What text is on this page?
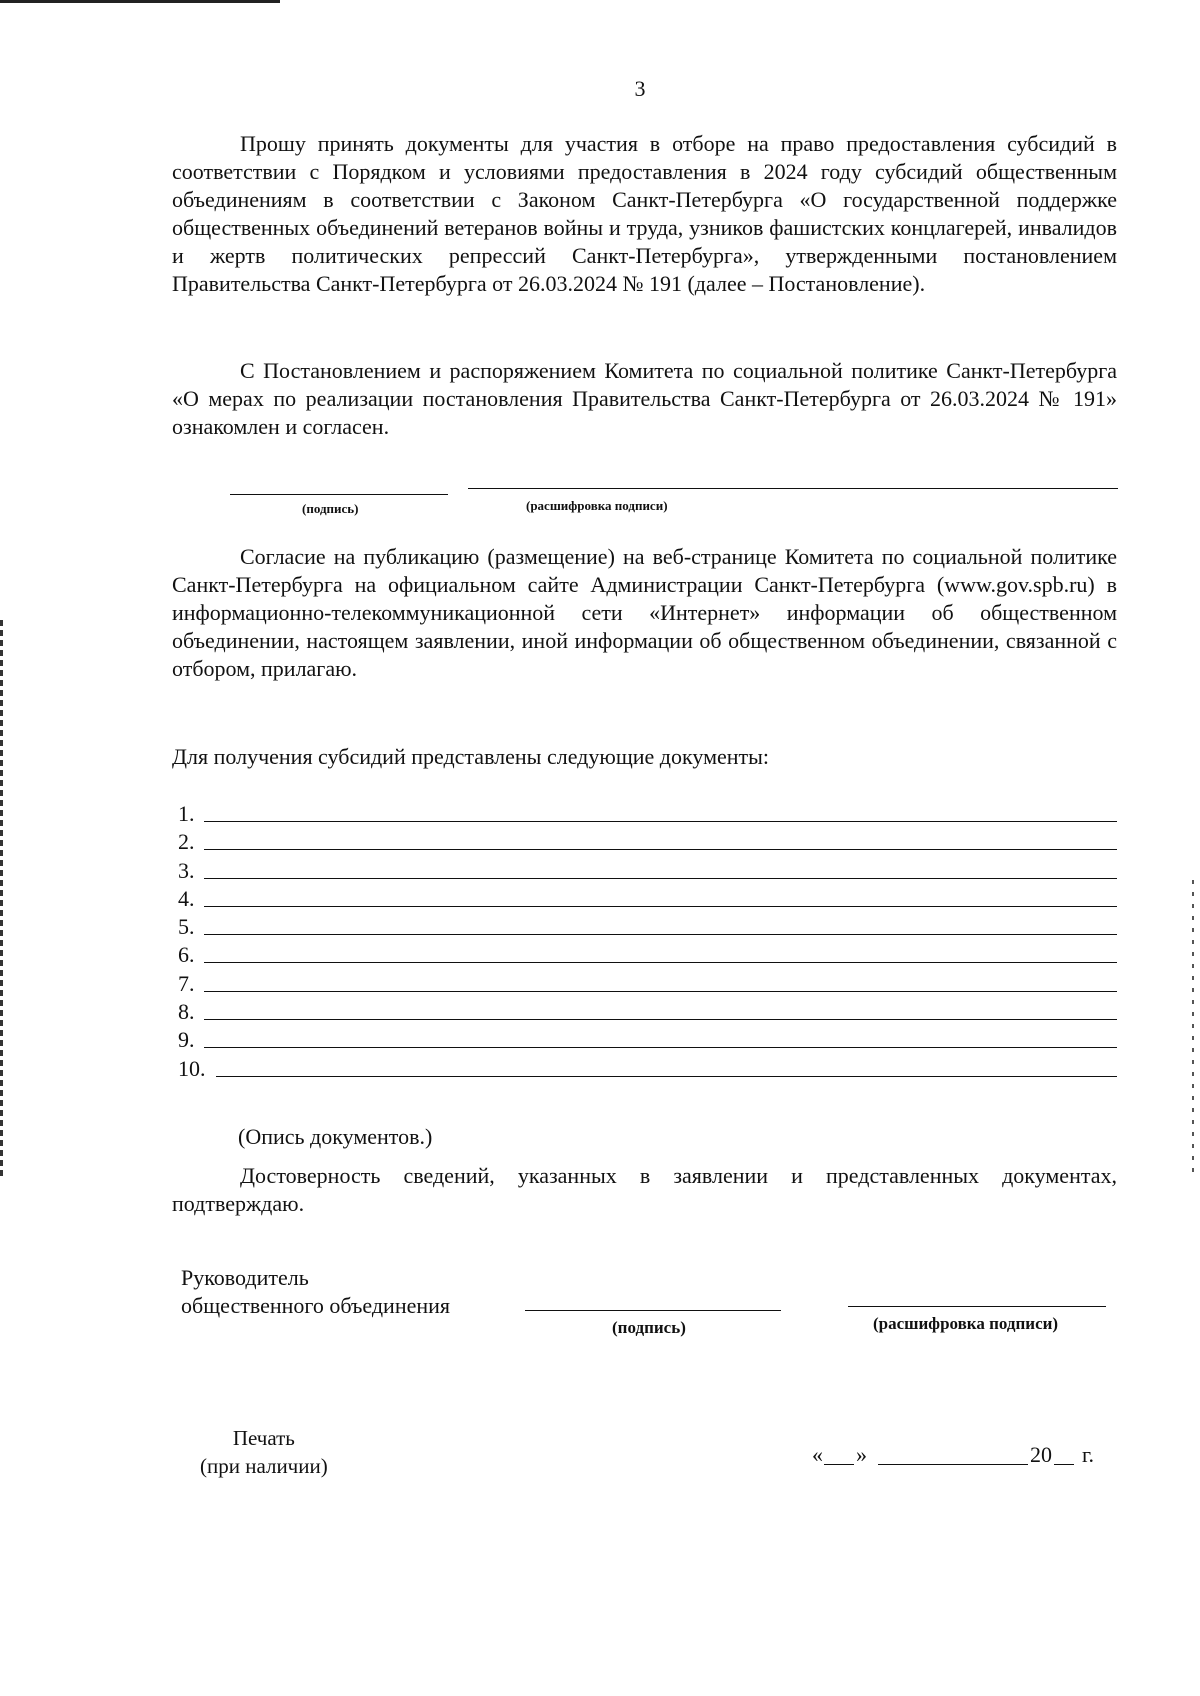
3

Прошу принять документы для участия в отборе на право предоставления субсидий в соответствии с Порядком и условиями предоставления в 2024 году субсидий общественным объединениям в соответствии с Законом Санкт-Петербурга «О государственной поддержке общественных объединений ветеранов войны и труда, узников фашистских концлагерей, инвалидов и жертв политических репрессий Санкт-Петербурга», утвержденными постановлением Правительства Санкт-Петербурга от 26.03.2024 № 191 (далее – Постановление).

С Постановлением и распоряжением Комитета по социальной политике Санкт-Петербурга «О мерах по реализации постановления Правительства Санкт-Петербурга от 26.03.2024 № 191» ознакомлен и согласен.

(подпись)	(расшифровка подписи)

Согласие на публикацию (размещение) на веб-странице Комитета по социальной политике Санкт-Петербурга на официальном сайте Администрации Санкт-Петербурга (www.gov.spb.ru) в информационно-телекоммуникационной сети «Интернет» информации об общественном объединении, настоящем заявлении, иной информации об общественном объединении, связанной с отбором, прилагаю.

Для получения субсидий представлены следующие документы:
1.
2.
3.
4.
5.
6.
7.
8.
9.
10.
(Опись документов.)

Достоверность сведений, указанных в заявлении и представленных документах, подтверждаю.

Руководитель
общественного объединения
(подпись)	(расшифровка подписи)
Печать
(при наличии)	« »	20 г.
